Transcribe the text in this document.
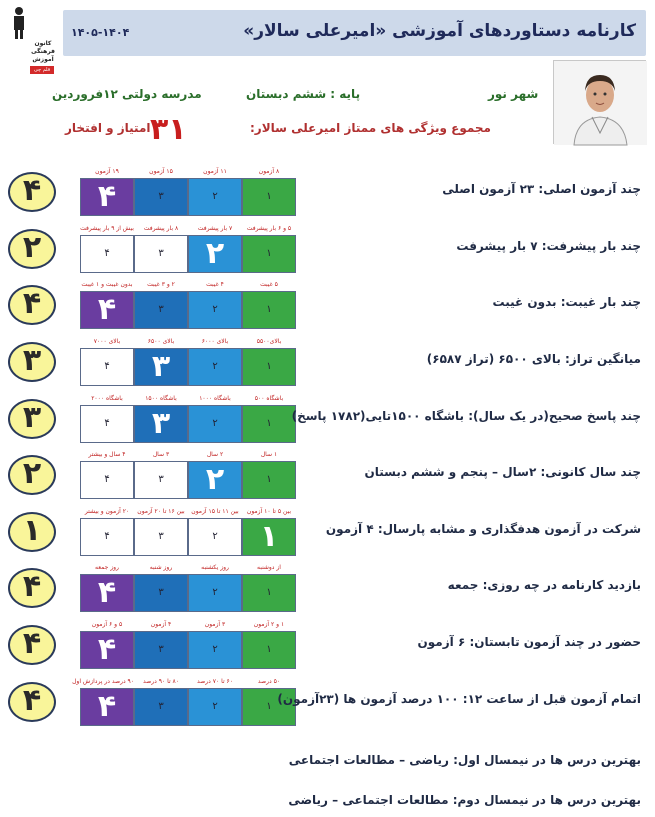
کانون
فرهنگی
آموزش
قلم چی
کارنامه دستاوردهای آموزشی «امیرعلی سالار»
۱۴۰۵-۱۴۰۴
شهر نور
پایه : ششم دبستان
مدرسه دولتی ۱۲فروردین
مجموع ویژگی های ممتاز امیرعلی سالار:
۳۱
امتیاز و افتخار
۴
۱۹ آزمون	۱۵ آزمون	۱۱ آزمون	۸ آزمون
۴	۳	۲	۱
چند آزمون اصلی: ۲۳ آزمون اصلی
۲
بیش از ۹ بار پیشرفت	۸ بار پیشرفت	۷ بار پیشرفت	۵ و ۶ بار پیشرفت
۴	۳	۲	۱
چند بار پیشرفت: ۷ بار پیشرفت
۴
بدون غیبت و ۱ غیبت	۲ و ۳ غیبت	۴ غیبت	۵ غیبت
۴	۳	۲	۱
چند بار غیبت: بدون غیبت
۳
بالای ۷۰۰۰	بالای ۶۵۰۰	بالای ۶۰۰۰	بالای۵۵۰۰
۴	۳	۲	۱
میانگین تراز: بالای ۶۵۰۰ (تراز ۶۵۸۷)
۳
باشگاه ۲۰۰۰	باشگاه ۱۵۰۰	باشگاه ۱۰۰۰	باشگاه ۵۰۰
۴	۳	۲	۱
چند پاسخ صحیح(در یک سال): باشگاه ۱۵۰۰تایی(۱۷۸۲ پاسخ)
۲
۴ سال و بیشتر	۳ سال	۲ سال	۱ سال
۴	۳	۲	۱
چند سال کانونی: ۲سال – پنجم و ششم دبستان
۱
۲۰ آزمون و بیشتر	بین ۱۶ تا ۲۰ آزمون	بین ۱۱ تا ۱۵ آزمون	بین ۵ تا ۱۰ آزمون
۴	۳	۲	۱	شرکت در آزمون هدفگذاری و مشابه پارسال: ۴ آزمون
۴
روز جمعه	روز شنبه	روز یکشنبه	از دوشنبه
۴	۳	۲	۱
بازدید کارنامه در چه روزی: جمعه
۴
۵ و ۶ آزمون	۴ آزمون	۳ آزمون	۱ و ۲ آزمون
۴	۳	۲	۱
حضور در چند آزمون تابستان: ۶ آزمون
۴
۹۰ درصد در پردازش اول	۸۰ تا ۹۰ درصد	۶۰ تا ۷۰ درصد	۵۰ درصد
۴	۳	۲	۱
اتمام آزمون قبل از ساعت ۱۲: ۱۰۰ درصد آزمون ها (۲۳آزمون)
بهترین درس ها در نیمسال اول: ریاضی – مطالعات اجتماعی
بهترین درس ها در نیمسال دوم: مطالعات اجتماعی – ریاضی
